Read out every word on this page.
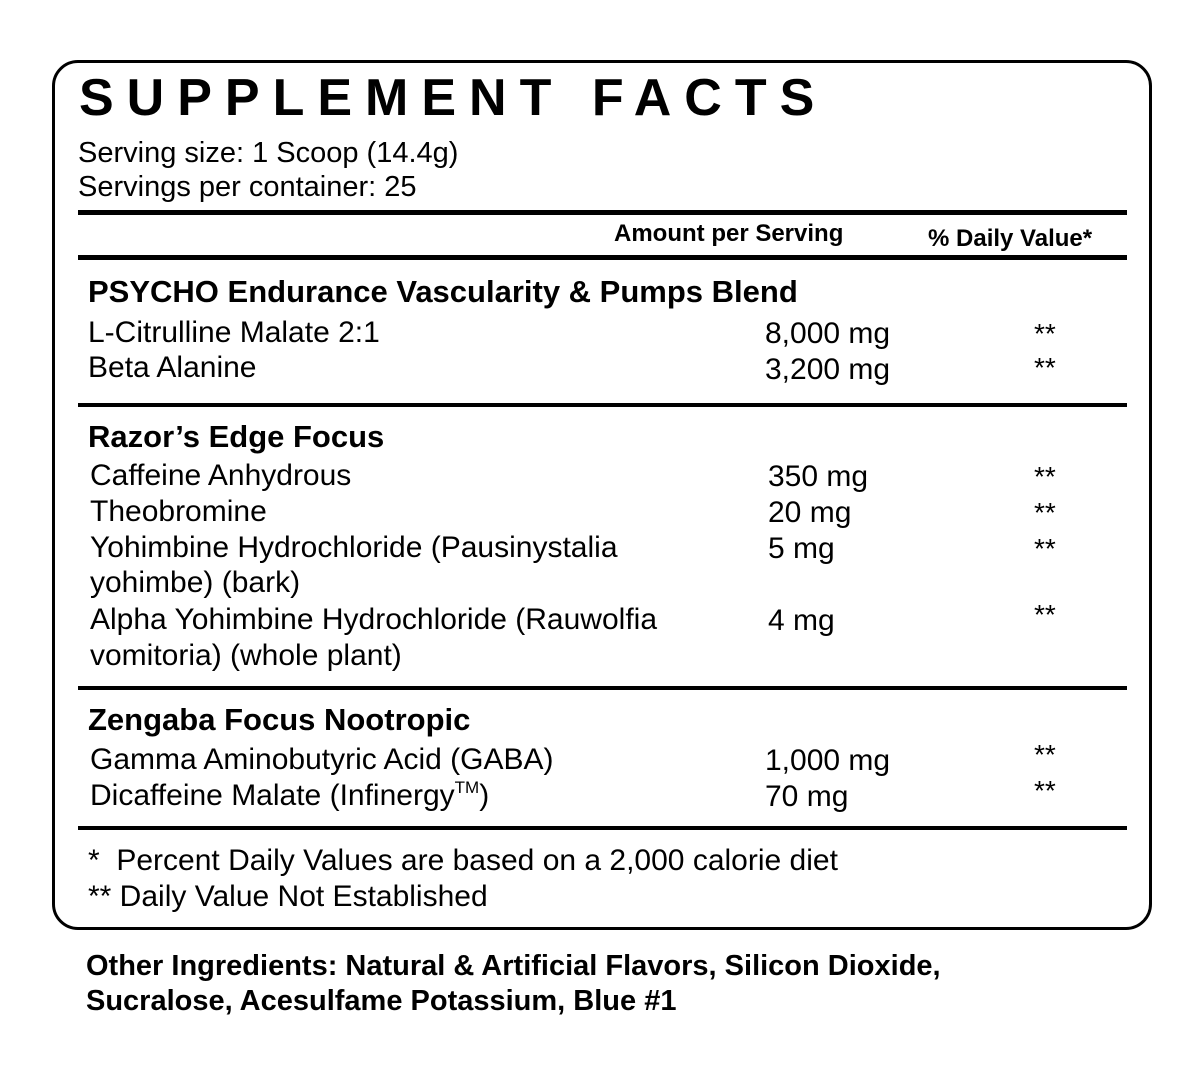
SUPPLEMENT FACTS
Serving size: 1 Scoop (14.4g)
Servings per container: 25
Amount per Serving	% Daily Value*
PSYCHO Endurance Vascularity & Pumps Blend
L-Citrulline Malate 2:1	8,000 mg	**
Beta Alanine	3,200 mg	**
Razor’s Edge Focus
Caffeine Anhydrous	350 mg	**
Theobromine	20 mg	**
Yohimbine Hydrochloride (Pausinystalia
yohimbe) (bark)
5 mg	**
Alpha Yohimbine Hydrochloride (Rauwolfia
vomitoria) (whole plant)
4 mg	**
Zengaba Focus Nootropic
Gamma Aminobutyric Acid (GABA)	1,000 mg	**
Dicaffeine Malate (Infinergy™)	70 mg	**
*  Percent Daily Values are based on a 2,000 calorie diet
** Daily Value Not Established
Other Ingredients: Natural & Artificial Flavors, Silicon Dioxide,
Sucralose, Acesulfame Potassium, Blue #1
